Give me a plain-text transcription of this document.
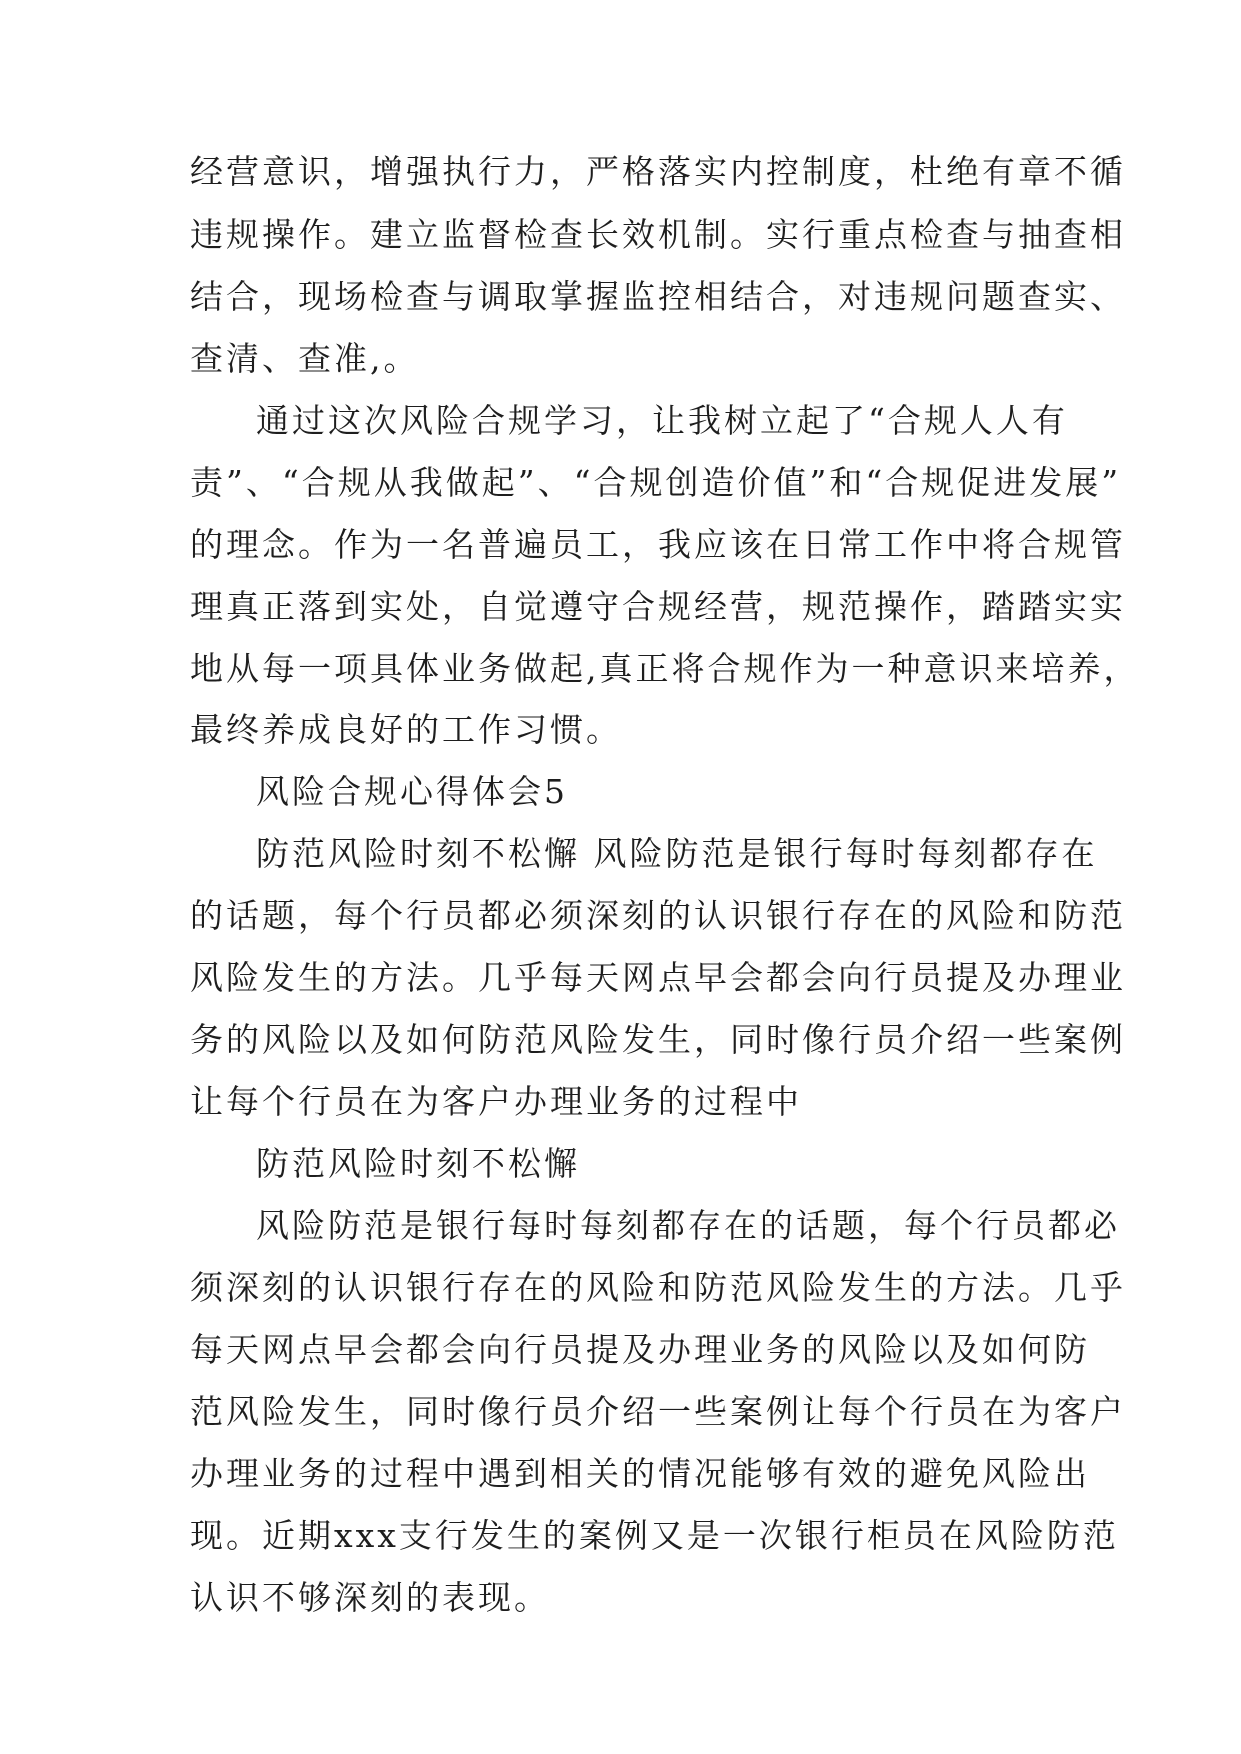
经营意识，增强执行力，严格落实内控制度，杜绝有章不循
违规操作。建立监督检查长效机制。实行重点检查与抽查相
结合，现场检查与调取掌握监控相结合，对违规问题查实、
查清、查准,。
通过这次风险合规学习，让我树立起了“合规人人有
责”、“合规从我做起”、“合规创造价值”和“合规促进发展”
的理念。作为一名普遍员工，我应该在日常工作中将合规管
理真正落到实处，自觉遵守合规经营，规范操作，踏踏实实
地从每一项具体业务做起,真正将合规作为一种意识来培养，
最终养成良好的工作习惯。
风险合规心得体会5
防范风险时刻不松懈 风险防范是银行每时每刻都存在
的话题，每个行员都必须深刻的认识银行存在的风险和防范
风险发生的方法。几乎每天网点早会都会向行员提及办理业
务的风险以及如何防范风险发生，同时像行员介绍一些案例
让每个行员在为客户办理业务的过程中
防范风险时刻不松懈
风险防范是银行每时每刻都存在的话题，每个行员都必
须深刻的认识银行存在的风险和防范风险发生的方法。几乎
每天网点早会都会向行员提及办理业务的风险以及如何防
范风险发生，同时像行员介绍一些案例让每个行员在为客户
办理业务的过程中遇到相关的情况能够有效的避免风险出
现。近期xxx支行发生的案例又是一次银行柜员在风险防范
认识不够深刻的表现。
